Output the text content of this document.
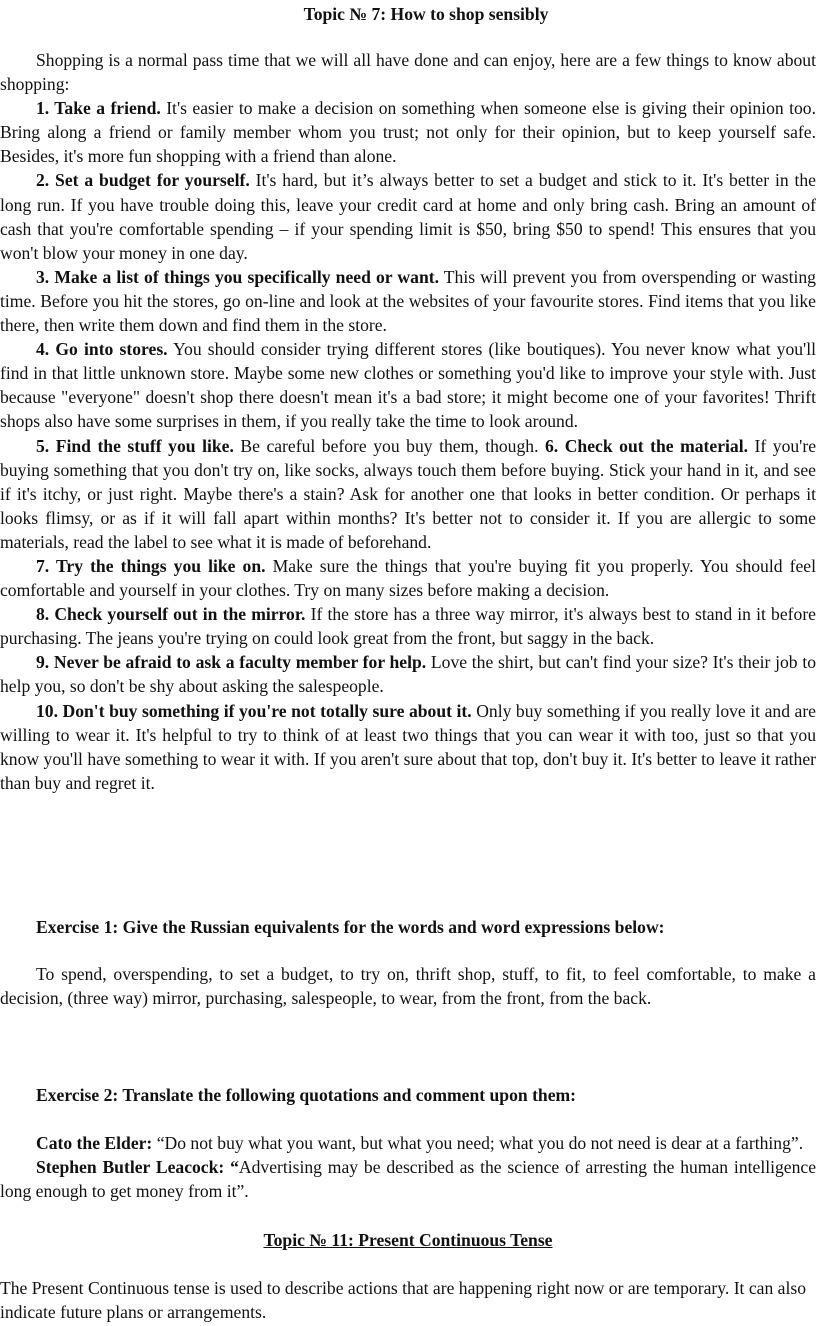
Topic № 7: How to shop sensibly

Shopping is a normal pass time that we will all have done and can enjoy, here are a few things to know about shopping:

1. Take a friend. It's easier to make a decision on something when someone else is giving their opinion too. Bring along a friend or family member whom you trust; not only for their opinion, but to keep yourself safe. Besides, it's more fun shopping with a friend than alone.

2. Set a budget for yourself. It's hard, but it’s always better to set a budget and stick to it. It's better in the long run. If you have trouble doing this, leave your credit card at home and only bring cash. Bring an amount of cash that you're comfortable spending – if your spending limit is $50, bring $50 to spend! This ensures that you won't blow your money in one day.

3. Make a list of things you specifically need or want. This will prevent you from overspending or wasting time. Before you hit the stores, go on-line and look at the websites of your favourite stores. Find items that you like there, then write them down and find them in the store.

4. Go into stores. You should consider trying different stores (like boutiques). You never know what you'll find in that little unknown store. Maybe some new clothes or something you'd like to improve your style with. Just because "everyone" doesn't shop there doesn't mean it's a bad store; it might become one of your favorites! Thrift shops also have some surprises in them, if you really take the time to look around.

5. Find the stuff you like. Be careful before you buy them, though. 6. Check out the material. If you're buying something that you don't try on, like socks, always touch them before buying. Stick your hand in it, and see if it's itchy, or just right. Maybe there's a stain? Ask for another one that looks in better condition. Or perhaps it looks flimsy, or as if it will fall apart within months? It's better not to consider it. If you are allergic to some materials, read the label to see what it is made of beforehand.

7. Try the things you like on. Make sure the things that you're buying fit you properly. You should feel comfortable and yourself in your clothes. Try on many sizes before making a decision.

8. Check yourself out in the mirror. If the store has a three way mirror, it's always best to stand in it before purchasing. The jeans you're trying on could look great from the front, but saggy in the back.

9. Never be afraid to ask a faculty member for help. Love the shirt, but can't find your size? It's their job to help you, so don't be shy about asking the salespeople.

10. Don't buy something if you're not totally sure about it. Only buy something if you really love it and are willing to wear it. It's helpful to try to think of at least two things that you can wear it with too, just so that you know you'll have something to wear it with. If you aren't sure about that top, don't buy it. It's better to leave it rather than buy and regret it.

Exercise 1: Give the Russian equivalents for the words and word expressions below:

To spend, overspending, to set a budget, to try on, thrift shop, stuff, to fit, to feel comfortable, to make a decision, (three way) mirror, purchasing, salespeople, to wear, from the front, from the back.

Exercise 2: Translate the following quotations and comment upon them:

Cato the Elder: “Do not buy what you want, but what you need; what you do not need is dear at a farthing”.

Stephen Butler Leacock: “Advertising may be described as the science of arresting the human intelligence long enough to get money from it”.

Topic № 11: Present Continuous Tense

The Present Continuous tense is used to describe actions that are happening right now or are temporary. It can also indicate future plans or arrangements.
